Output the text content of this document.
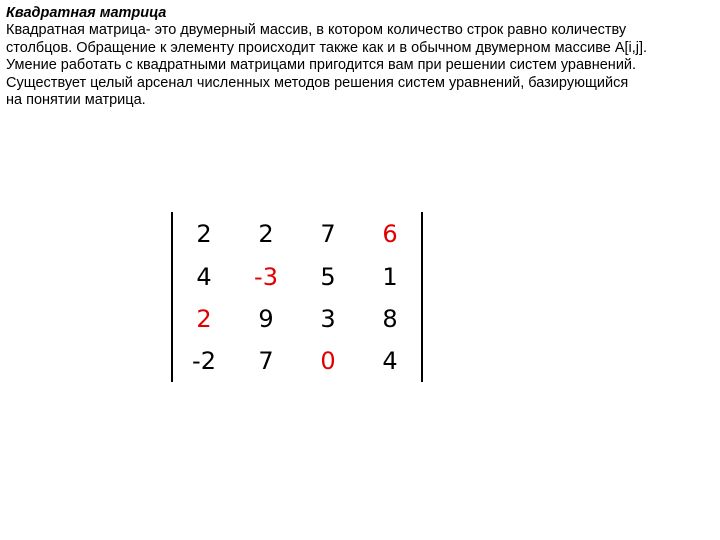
Квадратная матрица
Квадратная матрица- это двумерный массив, в котором количество строк равно количеству
столбцов. Обращение к элементу происходит также как и в обычном двумерном массиве A[i,j].
Умение работать с квадратными матрицами пригодится вам при решении систем уравнений.
Существует целый арсенал численных методов решения систем уравнений, базирующийся
на понятии матрица.
2	2	7	6
4	-3	5	1
2	9	3	8
-2	7	0	4
